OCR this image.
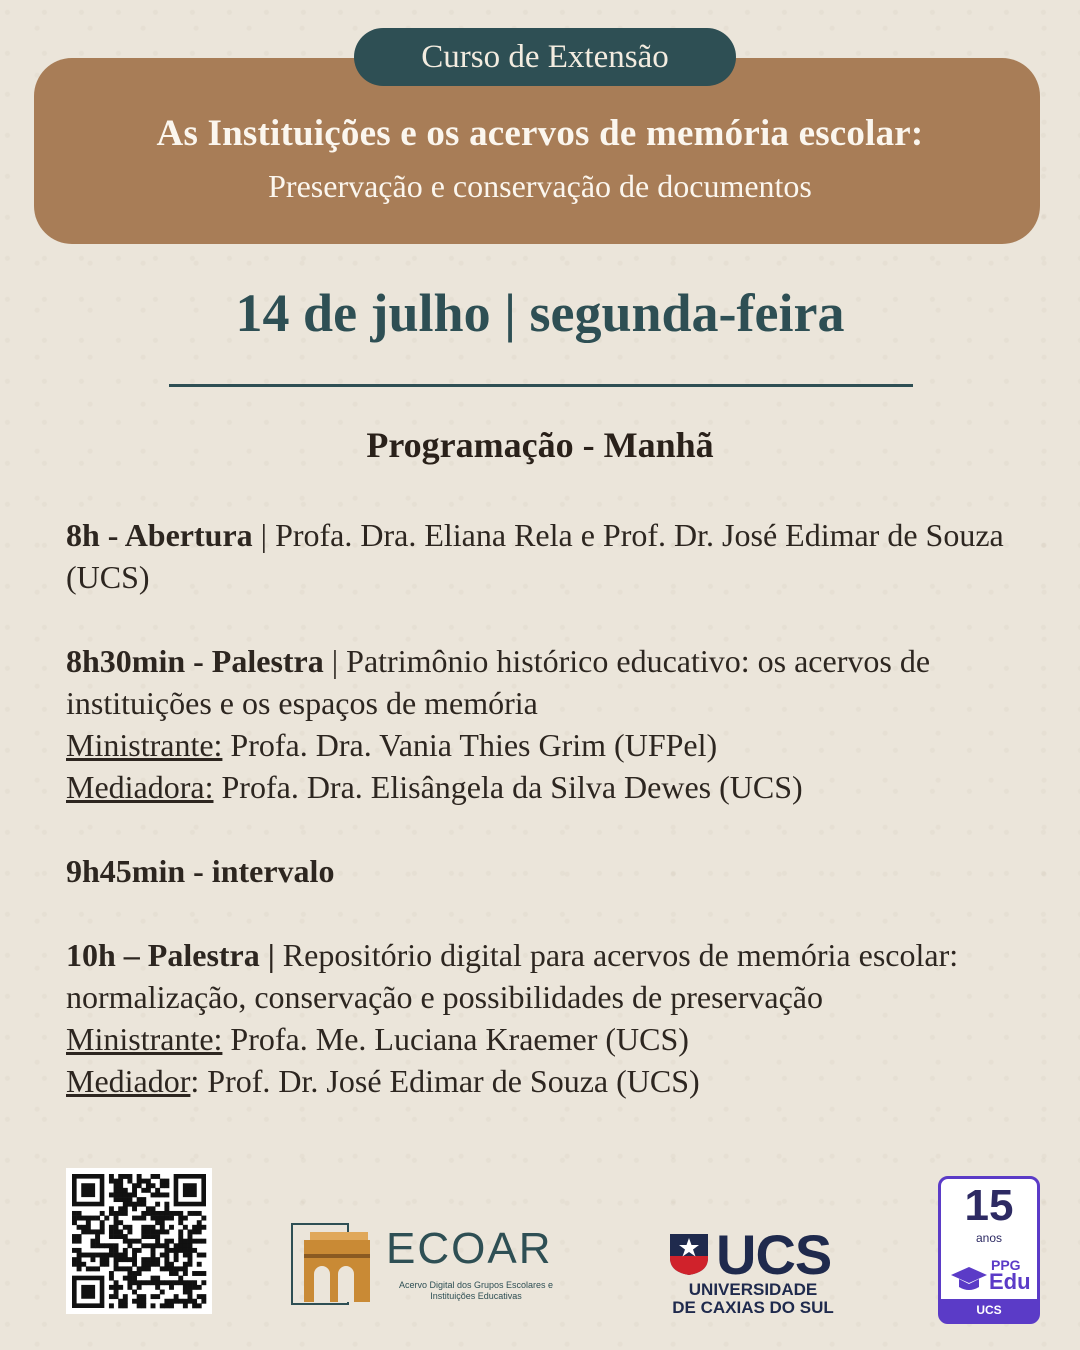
Curso de Extensão
As Instituições e os acervos de memória escolar:
Preservação e conservação de documentos
14 de julho | segunda-feira
Programação - Manhã

8h - Abertura | Profa. Dra. Eliana Rela e Prof. Dr. José Edimar de Souza (UCS)

8h30min - Palestra | Patrimônio histórico educativo: os acervos de instituições e os espaços de memória

Ministrante: Profa. Dra. Vania Thies Grim (UFPel)

Mediadora: Profa. Dra. Elisângela da Silva Dewes (UCS)

9h45min - intervalo

10h – Palestra | Repositório digital para acervos de memória escolar: normalização, conservação e possibilidades de preservação

Ministrante: Profa. Me. Luciana Kraemer (UCS)

Mediador: Prof. Dr. José Edimar de Souza (UCS)

ECOAR
Acervo Digital dos Grupos Escolares e Instituições Educativas
UCS
UNIVERSIDADE
DE CAXIAS DO SUL
15
anos
PPG
Edu
UCS
